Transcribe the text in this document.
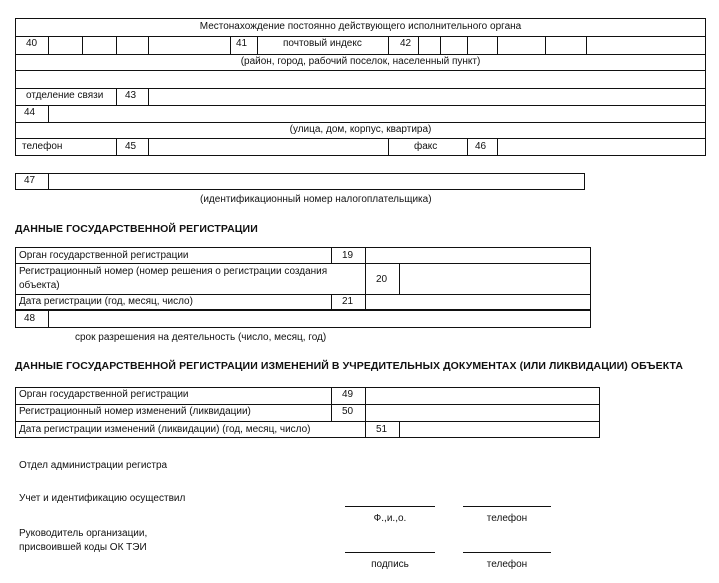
Местонахождение постоянно действующего исполнительного органа
40	41	почтовый индекс	42
(район, город, рабочий поселок, населенный пункт)
отделение связи 43
44
(улица, дом, корпус, квартира)
телефон	45	факс	46
47
(идентификационный номер налогоплательщика)
ДАННЫЕ ГОСУДАРСТВЕННОЙ РЕГИСТРАЦИИ
Орган государственной регистрации	19
Регистрационный номер (номер решения о регистрации создания
объекта)
20
Дата регистрации (год, месяц, число)	21
48
срок разрешения на деятельность (число, месяц, год)
ДАННЫЕ ГОСУДАРСТВЕННОЙ РЕГИСТРАЦИИ ИЗМЕНЕНИЙ В УЧРЕДИТЕЛЬНЫХ ДОКУМЕНТАХ (ИЛИ ЛИКВИДАЦИИ) ОБЪЕКТА
Орган государственной регистрации	49
Регистрационный номер изменений (ликвидации)	50
Дата регистрации изменений (ликвидации) (год, месяц, число)	51
Отдел администрации регистра
Учет и идентификацию осуществил
Ф.,и.,о.	телефон
Руководитель организации,
присвоившей коды ОК ТЭИ
подпись	телефон
